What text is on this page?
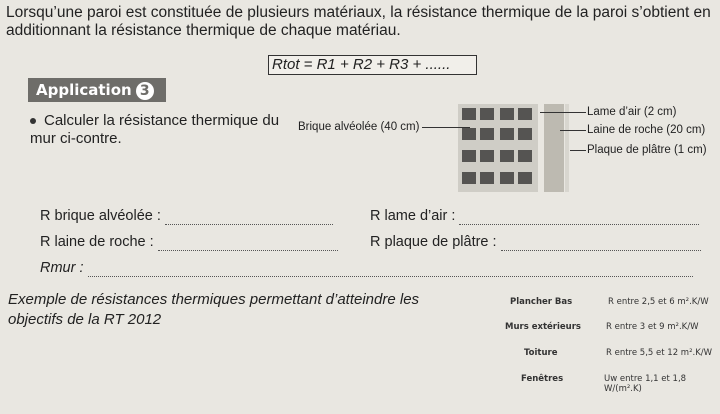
Lorsqu’une paroi est constituée de plusieurs matériaux, la résistance thermique de la paroi s’obtient en additionnant la résistance thermique de chaque matériau.
Rtot = R1 + R2 + R3 + ......
Application 3
Calculer la résistance thermique du mur ci-contre.
Brique alvéolée (40 cm)
Lame d’air (2 cm)
Laine de roche (20 cm)
Plaque de plâtre (1 cm)
R brique alvéolée :	R lame d’air :
R laine de roche :	R plaque de plâtre :
Rmur :
Exemple de résistances thermiques permettant d’atteindre les objectifs de la RT 2012
Plancher Bas	R entre 2,5 et 6 m².K/W
Murs extérieurs	R entre 3 et 9 m².K/W
Toiture	R entre 5,5 et 12 m².K/W
Fenêtres	Uw entre 1,1 et 1,8 W/(m².K)
